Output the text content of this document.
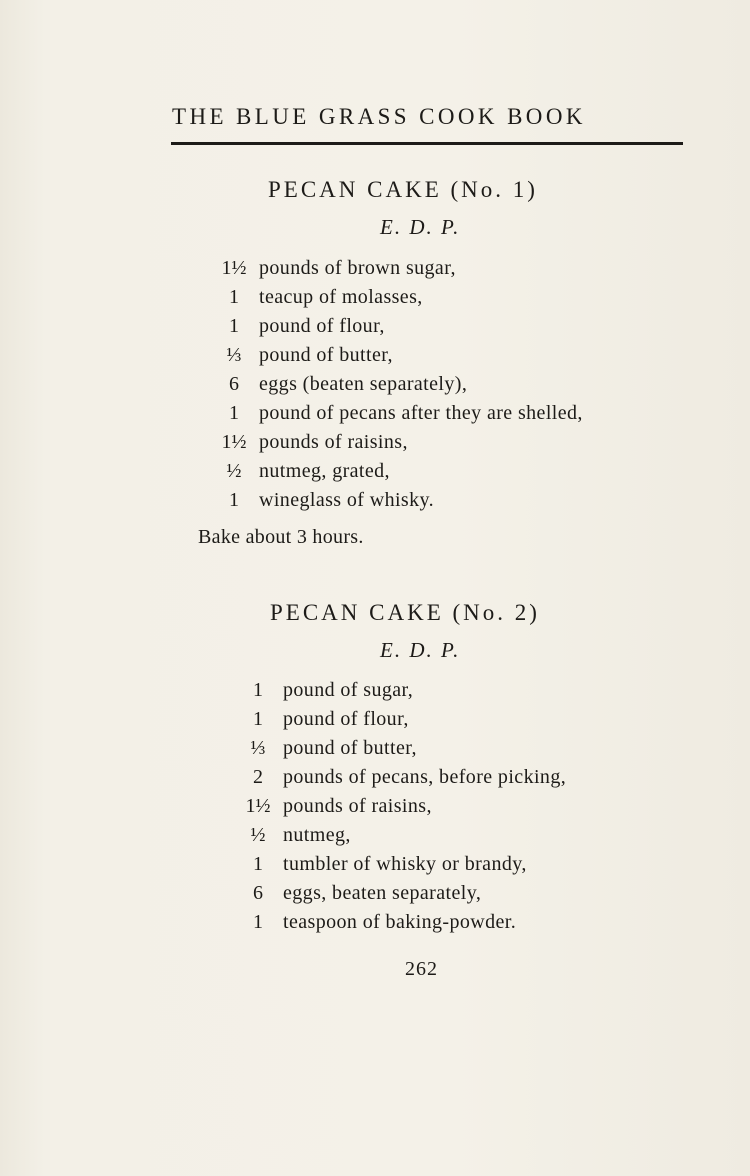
THE BLUE GRASS COOK BOOK
PECAN CAKE (No. 1)
E. D. P.
1½ pounds of brown sugar,
1	teacup of molasses,
1	pound of flour,
⅓ pound of butter,
6	eggs (beaten separately),
1	pound of pecans after they are shelled,
1½ pounds of raisins,
½ nutmeg, grated,
1	wineglass of whisky.
Bake about 3 hours.
PECAN CAKE (No. 2)
E. D. P.
1	pound of sugar,
1	pound of flour,
⅓ pound of butter,
2	pounds of pecans, before picking,
1½ pounds of raisins,
½ nutmeg,
1	tumbler of whisky or brandy,
6	eggs, beaten separately,
1	teaspoon of baking-powder.
262
